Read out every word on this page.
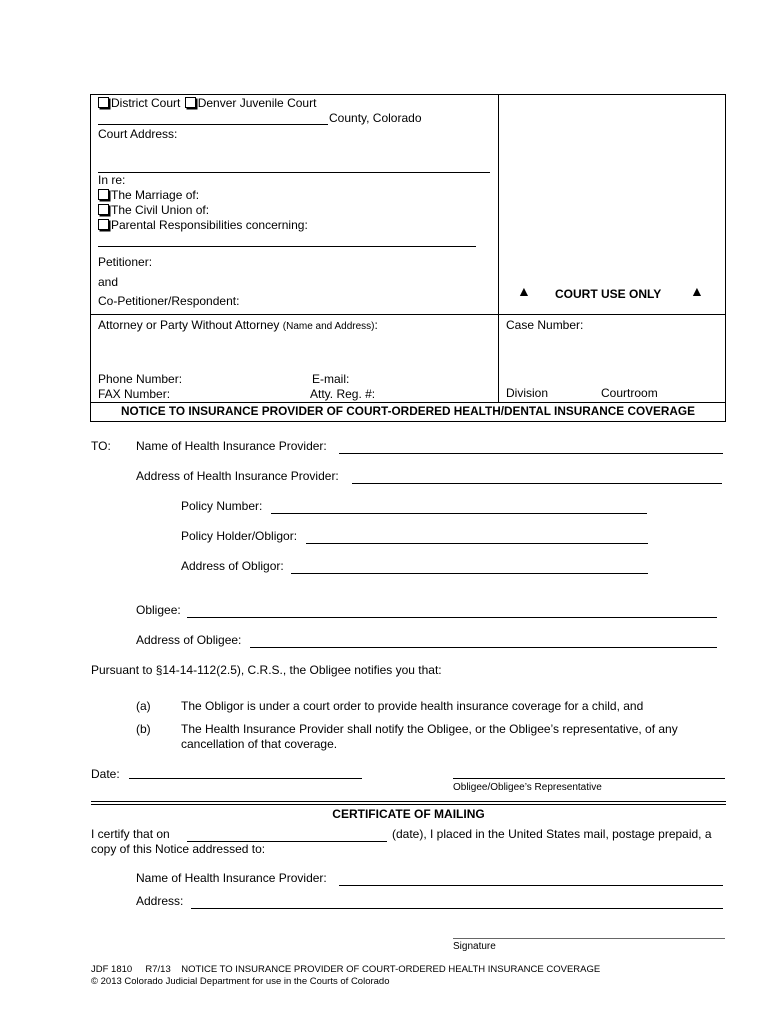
District Court Denver Juvenile Court
County, Colorado
Court Address:
In re:
The Marriage of:
The Civil Union of:
Parental Responsibilities concerning:
Petitioner:
and
Co-Petitioner/Respondent:
▲ COURT USE ONLY ▲
Attorney or Party Without Attorney (Name and Address):	Case Number:
Phone Number:	E-mail:
FAX Number:	Atty. Reg. #:	Division	Courtroom
NOTICE TO INSURANCE PROVIDER OF COURT-ORDERED HEALTH/DENTAL INSURANCE COVERAGE
TO: Name of Health Insurance Provider:
Address of Health Insurance Provider:
Policy Number:
Policy Holder/Obligor:
Address of Obligor:
Obligee:
Address of Obligee:
Pursuant to §14-14-112(2.5), C.R.S., the Obligee notifies you that:
(a)	The Obligor is under a court order to provide health insurance coverage for a child, and
(b)	The Health Insurance Provider shall notify the Obligee, or the Obligee’s representative, of any
cancellation of that coverage.
Date:
Obligee/Obligee’s Representative
CERTIFICATE OF MAILING
I certify that on	(date), I placed in the United States mail, postage prepaid, a
copy of this Notice addressed to:
Name of Health Insurance Provider:
Address:
Signature
JDF 1810     R7/13    NOTICE TO INSURANCE PROVIDER OF COURT-ORDERED HEALTH INSURANCE COVERAGE
© 2013 Colorado Judicial Department for use in the Courts of Colorado
